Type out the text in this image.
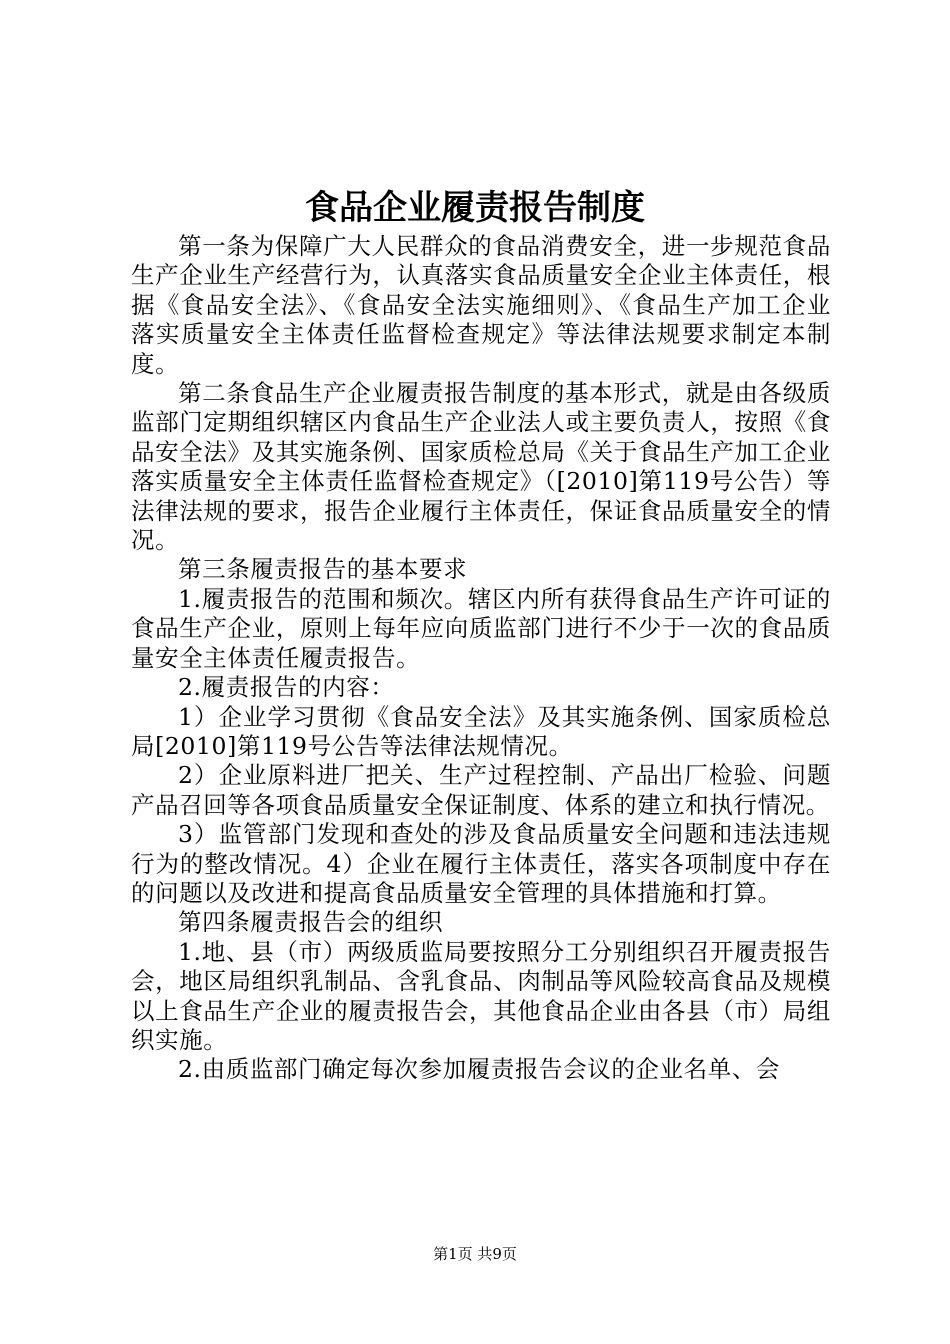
食品企业履责报告制度

第一条为保障广大人民群众的食品消费安全，进一步规范食品生产企业生产经营行为，认真落实食品质量安全企业主体责任，根据《食品安全法》、《食品安全法实施细则》、《食品生产加工企业落实质量安全主体责任监督检查规定》等法律法规要求制定本制度。

第二条食品生产企业履责报告制度的基本形式，就是由各级质监部门定期组织辖区内食品生产企业法人或主要负责人，按照《食品安全法》及其实施条例、国家质检总局《关于食品生产加工企业落实质量安全主体责任监督检查规定》（[2010]第119号公告）等法律法规的要求，报告企业履行主体责任，保证食品质量安全的情况。

第三条履责报告的基本要求

1.履责报告的范围和频次。辖区内所有获得食品生产许可证的食品生产企业，原则上每年应向质监部门进行不少于一次的食品质量安全主体责任履责报告。

2.履责报告的内容：

1）企业学习贯彻《食品安全法》及其实施条例、国家质检总局[2010]第119号公告等法律法规情况。

2）企业原料进厂把关、生产过程控制、产品出厂检验、问题产品召回等各项食品质量安全保证制度、体系的建立和执行情况。

3）监管部门发现和查处的涉及食品质量安全问题和违法违规行为的整改情况。4）企业在履行主体责任，落实各项制度中存在的问题以及改进和提高食品质量安全管理的具体措施和打算。

第四条履责报告会的组织

1.地、县（市）两级质监局要按照分工分别组织召开履责报告会，地区局组织乳制品、含乳食品、肉制品等风险较高食品及规模以上食品生产企业的履责报告会，其他食品企业由各县（市）局组织实施。

2.由质监部门确定每次参加履责报告会议的企业名单、会

第1页 共9页
